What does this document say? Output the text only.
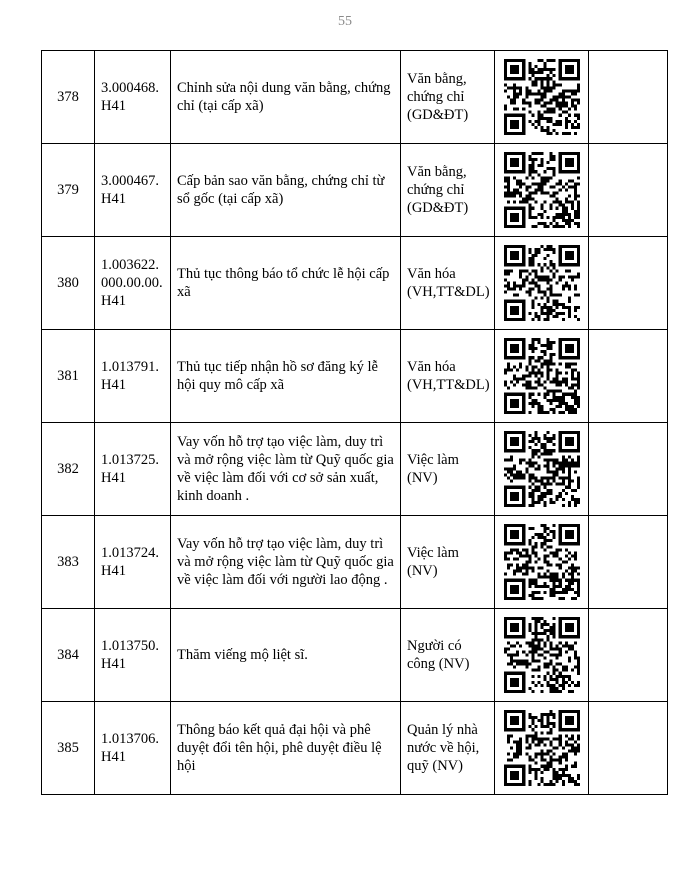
55
378	3.000468.H41	Chỉnh sửa nội dung văn bằng, chứng chỉ (tại cấp xã)	Văn bằng, chứng chỉ (GD&ĐT)	

379	3.000467.H41	Cấp bản sao văn bằng, chứng chỉ từ sổ gốc (tại cấp xã)	Văn bằng, chứng chỉ (GD&ĐT)	

380	1.003622.000.00.00.H41	Thủ tục thông báo tổ chức lễ hội cấp xã	Văn hóa (VH,TT&DL)	

381	1.013791.H41	Thủ tục tiếp nhận hồ sơ đăng ký lễ hội quy mô cấp xã	Văn hóa (VH,TT&DL)	

382	1.013725.H41	Vay vốn hỗ trợ tạo việc làm, duy trì và mở rộng việc làm từ Quỹ quốc gia về việc làm đối với cơ sở sản xuất, kinh doanh .	Việc làm (NV)	

383	1.013724.H41	Vay vốn hỗ trợ tạo việc làm, duy trì và mở rộng việc làm từ Quỹ quốc gia về việc làm đối với người lao động .	Việc làm (NV)	

384	1.013750.H41	Thăm viếng mộ liệt sĩ.	Người có công (NV)	

385	1.013706.H41	Thông báo kết quả đại hội và phê duyệt đổi tên hội, phê duyệt điều lệ hội	Quản lý nhà nước về hội, quỹ (NV)	
